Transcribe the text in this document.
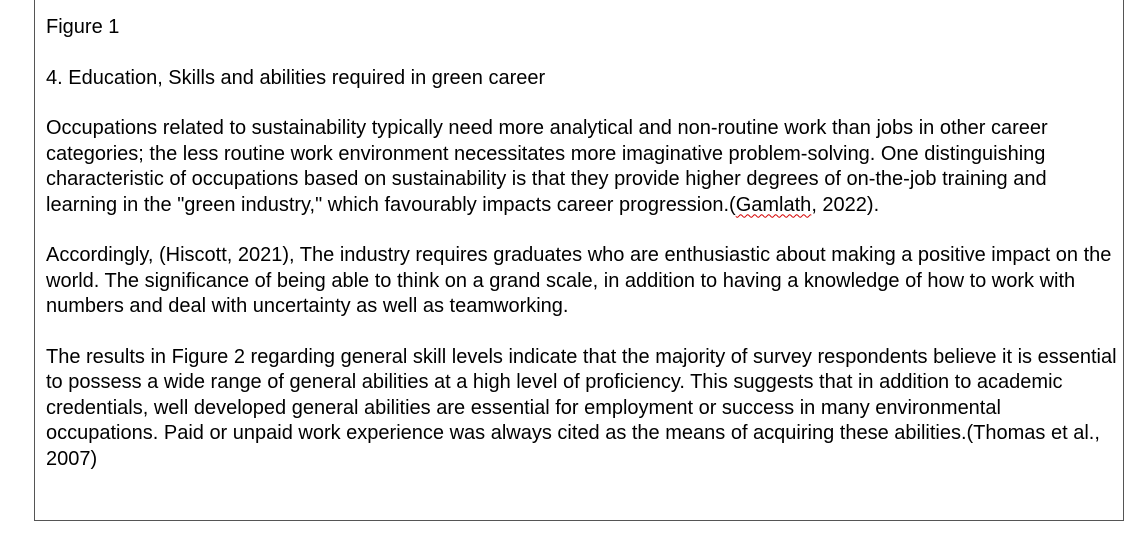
Figure 1

4. Education, Skills and abilities required in green career

Occupations related to sustainability typically need more analytical and non-routine work than jobs in other career categories; the less routine work environment necessitates more imaginative problem-solving. One distinguishing characteristic of occupations based on sustainability is that they provide higher degrees of on-the-job training and learning in the "green industry," which favourably impacts career progression.(Gamlath, 2022).

Accordingly, (Hiscott, 2021), The industry requires graduates who are enthusiastic about making a positive impact on the world. The significance of being able to think on a grand scale, in addition to having a knowledge of how to work with numbers and deal with uncertainty as well as teamworking.

The results in Figure 2 regarding general skill levels indicate that the majority of survey respondents believe it is essential to possess a wide range of general abilities at a high level of proficiency. This suggests that in addition to academic credentials, well developed general abilities are essential for employment or success in many environmental occupations. Paid or unpaid work experience was always cited as the means of acquiring these abilities.(Thomas et al., 2007)
